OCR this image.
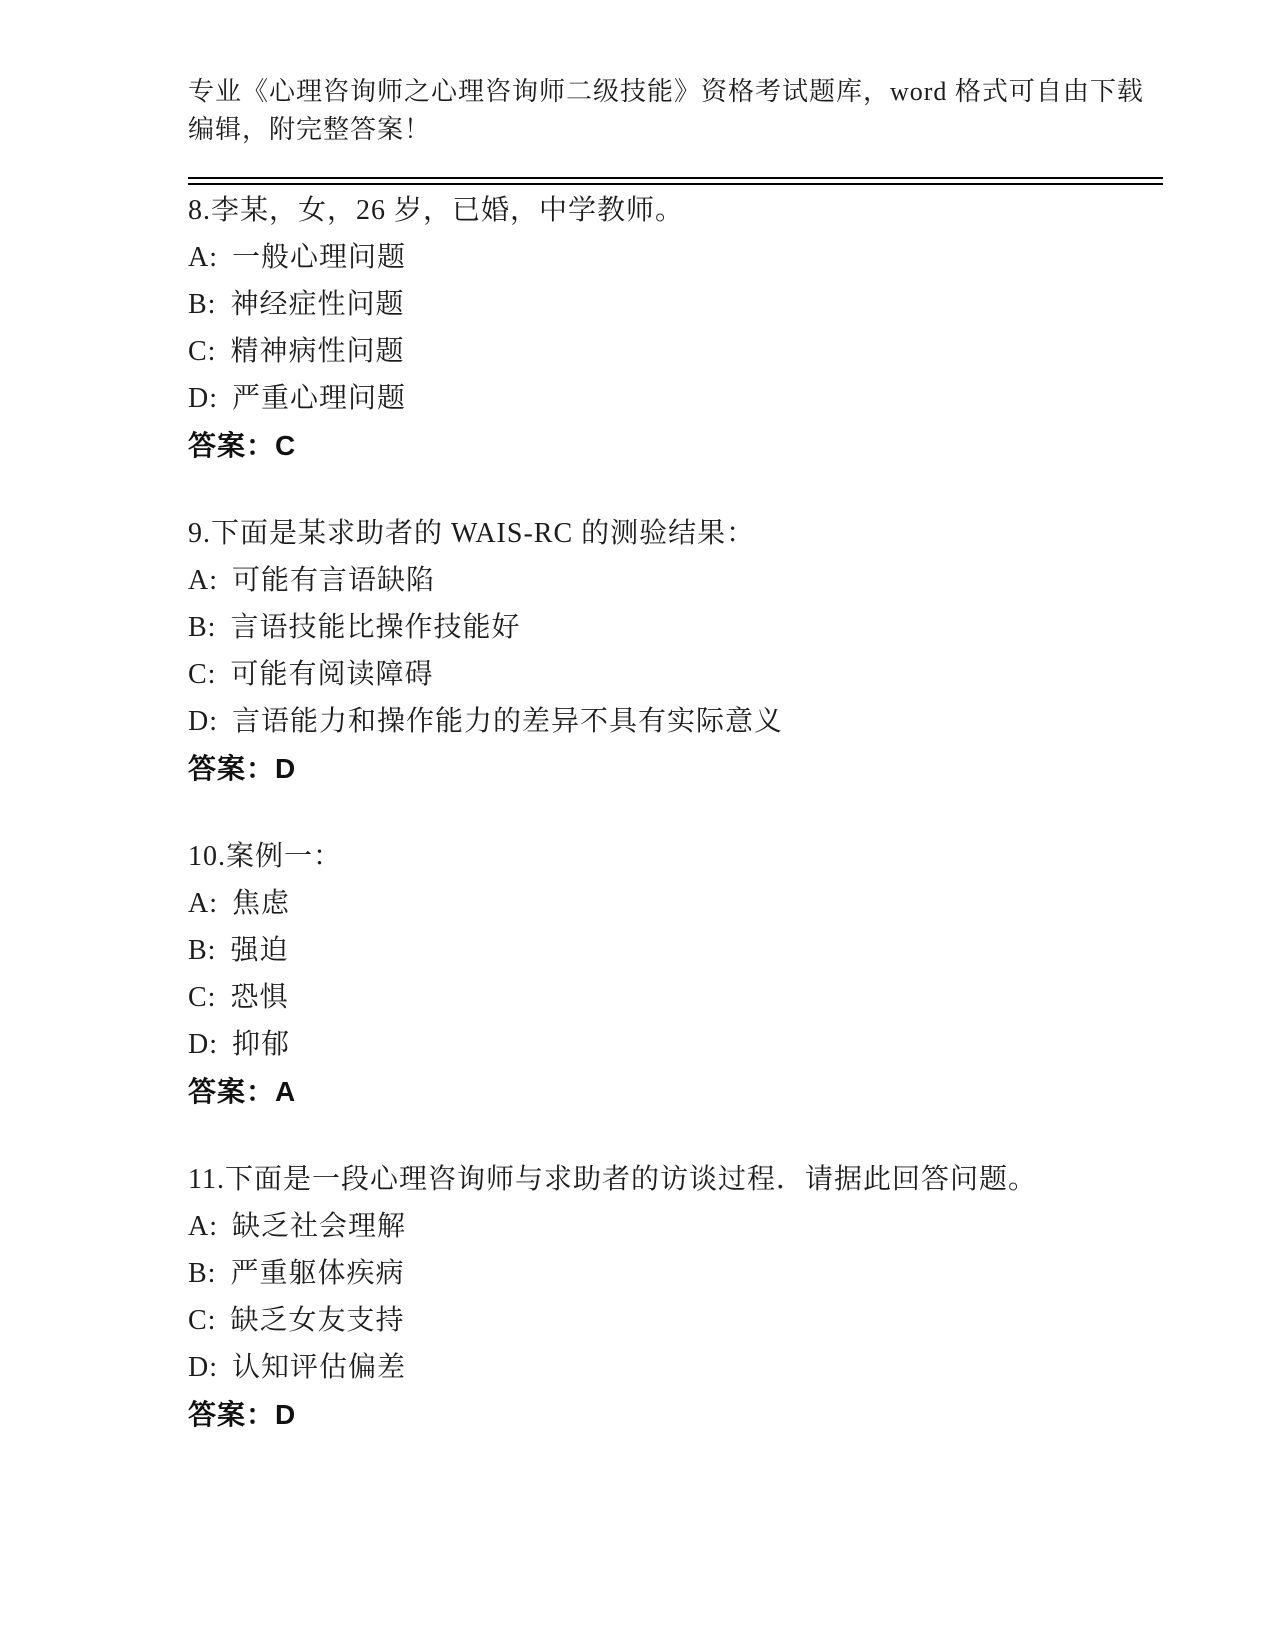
专业《心理咨询师之心理咨询师二级技能》资格考试题库，word 格式可自由下载
编辑，附完整答案！
8.李某，女，26 岁，已婚，中学教师。
A: 一般心理问题
B: 神经症性问题
C: 精神病性问题
D: 严重心理问题
答案：C
9.下面是某求助者的 WAIS-RC 的测验结果：
A: 可能有言语缺陷
B: 言语技能比操作技能好
C: 可能有阅读障碍
D: 言语能力和操作能力的差异不具有实际意义
答案：D
10.案例一：
A: 焦虑
B: 强迫
C: 恐惧
D: 抑郁
答案：A
11.下面是一段心理咨询师与求助者的访谈过程．请据此回答问题。
A: 缺乏社会理解
B: 严重躯体疾病
C: 缺乏女友支持
D: 认知评估偏差
答案：D
